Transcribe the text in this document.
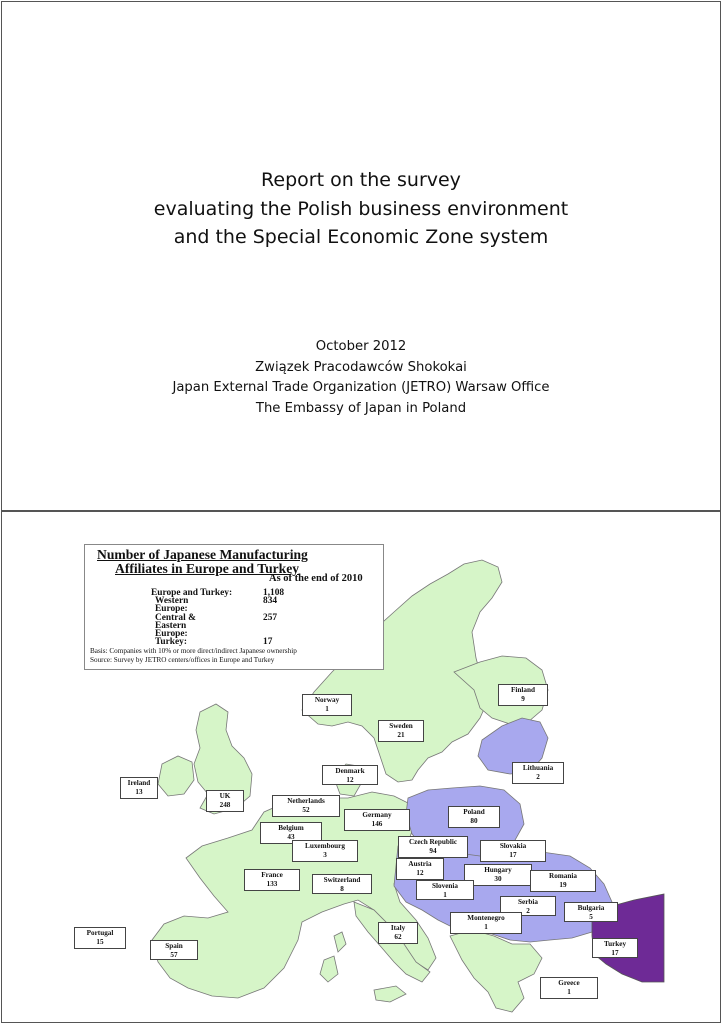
Report on the survey
evaluating the Polish business environment
and the Special Economic Zone system
October 2012
Związek Pracodawców Shokokai
Japan External Trade Organization (JETRO) Warsaw Office
The Embassy of Japan in Poland
Number of Japanese Manufacturing
Affiliates in Europe and Turkey
As of the end of 2010
Europe and Turkey:	1,108
Western	834
Europe:
Central &	257
Eastern
Europe:
Turkey:	17
Basis: Companies with 10% or more direct/indirect Japanese ownership
Source: Survey by JETRO centers/offices in Europe and Turkey
Finland
9
Norway
1
Sweden
21
Lithuania
2
Denmark
12
Ireland
13
UK
248	Netherlands
52	Poland
80
Germany
146
Belgium
43
Czech Republic
94
Slovakia
17
Luxembourg
3
Austria
12	Hungary
30
France
133	Switzerland
8	Slovenia
1
Romania
19
Serbia
2	Bulgaria
5
Montenegro
1
Italy
62
Portugal
15
Spain
57
Turkey
17
Greece
1
